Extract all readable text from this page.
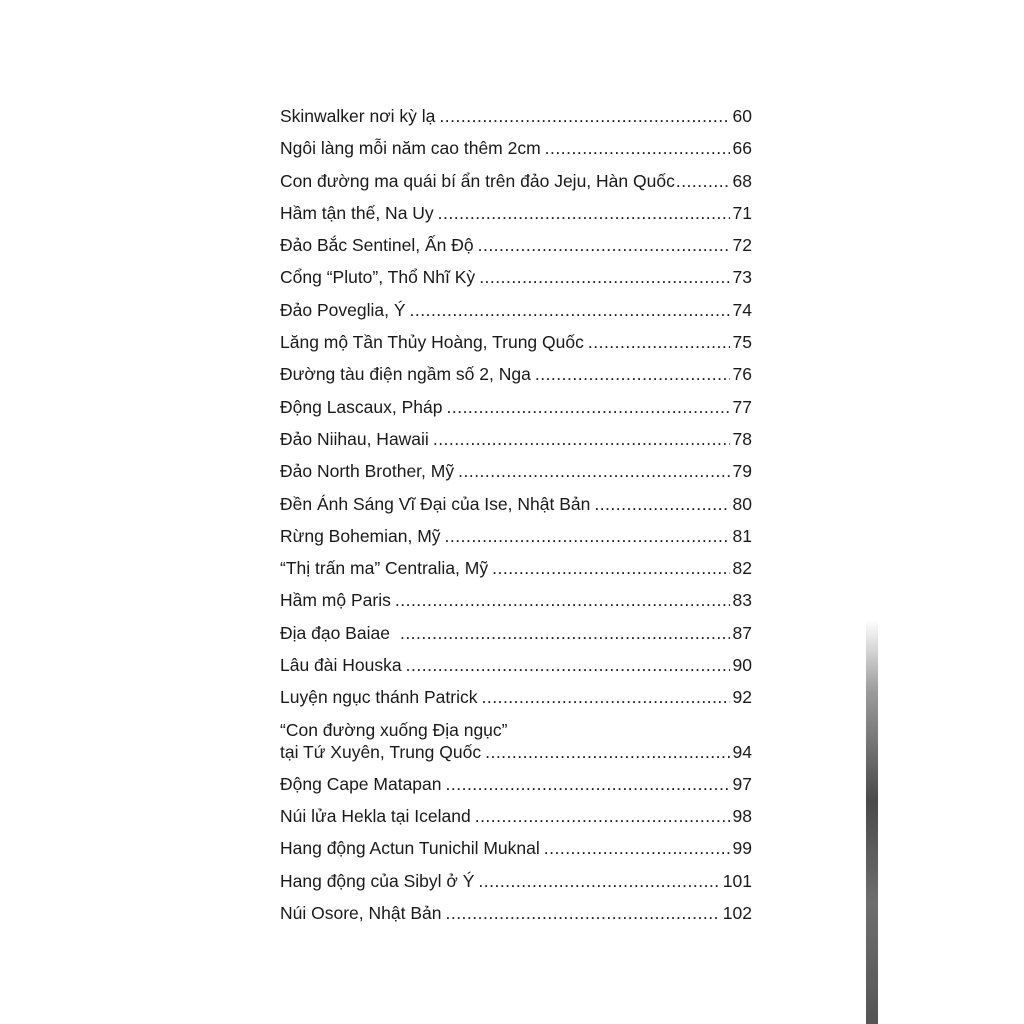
Skinwalker nơi kỳ lạ .....	60
Ngôi làng mỗi năm cao thêm 2cm .....	66
Con đường ma quái bí ẩn trên đảo Jeju, Hàn Quốc .....	68
Hầm tận thế, Na Uy .....	71
Đảo Bắc Sentinel, Ấn Độ .....	72
Cổng “Pluto”, Thổ Nhĩ Kỳ .....	73
Đảo Poveglia, Ý .....	74
Lăng mộ Tần Thủy Hoàng, Trung Quốc .....	75
Đường tàu điện ngầm số 2, Nga .....	76
Động Lascaux, Pháp .....	77
Đảo Niihau, Hawaii .....	78
Đảo North Brother, Mỹ .....	79
Đền Ánh Sáng Vĩ Đại của Ise, Nhật Bản .....	80
Rừng Bohemian, Mỹ .....	81
“Thị trấn ma” Centralia, Mỹ .....	82
Hầm mộ Paris .....	83
Địa đạo Baiae .....	87
Lâu đài Houska .....	90
Luyện ngục thánh Patrick .....	92
“Con đường xuống Địa ngục”
tại Tứ Xuyên, Trung Quốc .....	94
Động Cape Matapan .....	97
Núi lửa Hekla tại Iceland .....	98
Hang động Actun Tunichil Muknal .....	99
Hang động của Sibyl ở Ý .....	101
Núi Osore, Nhật Bản .....	102
